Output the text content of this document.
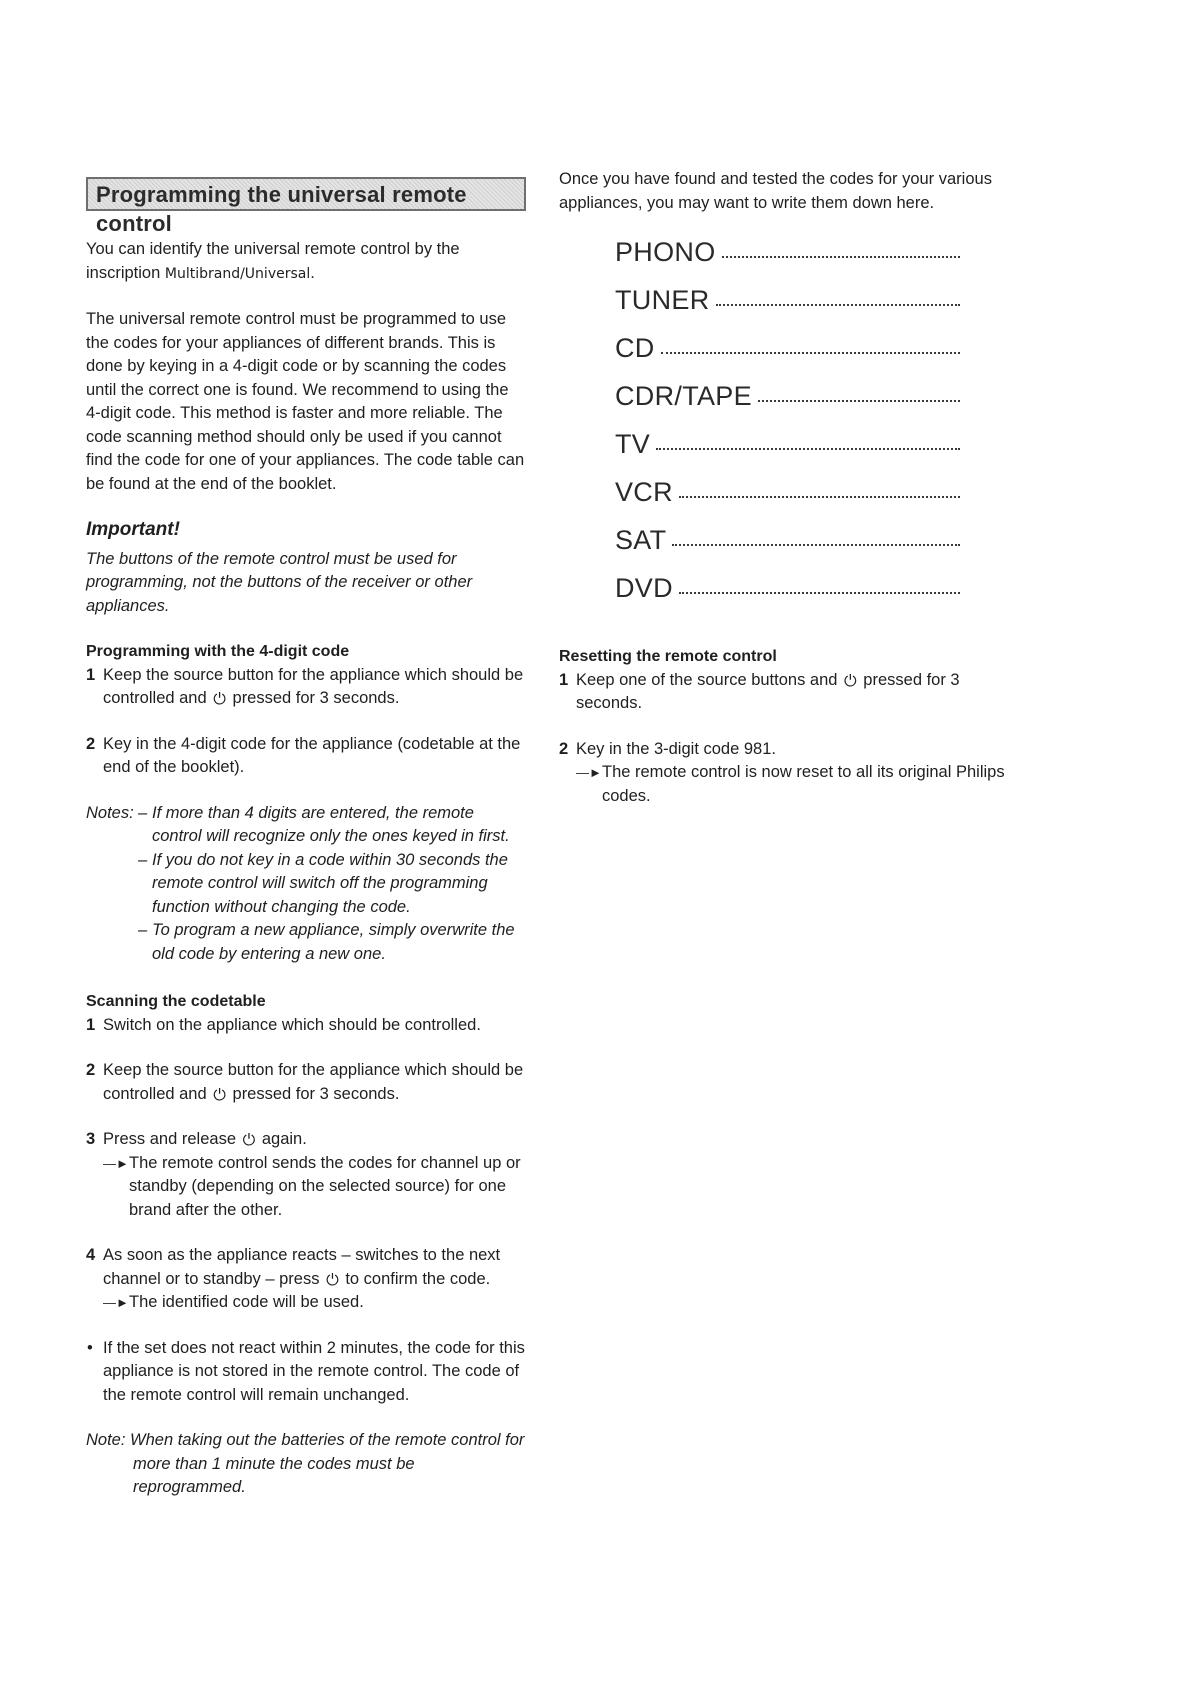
Programming the universal remote control

You can identify the universal remote control by the inscription Multibrand/Universal.

The universal remote control must be programmed to use the codes for your appliances of different brands. This is done by keying in a 4-digit code or by scanning the codes until the correct one is found. We recommend to using the 4-digit code. This method is faster and more reliable. The code scanning method should only be used if you cannot find the code for one of your appliances. The code table can be found at the end of the booklet.

Important!

The buttons of the remote control must be used for programming, not the buttons of the receiver or other appliances.

Programming with the 4-digit code

1 Keep the source button for the appliance which should be controlled and ⏻ pressed for 3 seconds.
2 Key in the 4-digit code for the appliance (codetable at the end of the booklet).
Notes: – If more than 4 digits are entered, the remote control will recognize only the ones keyed in first.
– If you do not key in a code within 30 seconds the remote control will switch off the programming function without changing the code.
– To program a new appliance, simply overwrite the old code by entering a new one.

Scanning the codetable

1 Switch on the appliance which should be controlled.
2 Keep the source button for the appliance which should be controlled and ⏻ pressed for 3 seconds.
3 Press and release ⏻ again.
—► The remote control sends the codes for channel up or standby (depending on the selected source) for one brand after the other.
4 As soon as the appliance reacts – switches to the next channel or to standby – press ⏻ to confirm the code.
—► The identified code will be used.
• If the set does not react within 2 minutes, the code for this appliance is not stored in the remote control. The code of the remote control will remain unchanged.
Note: When taking out the batteries of the remote control for
more than 1 minute the codes must be reprogrammed.

Once you have found and tested the codes for your various appliances, you may want to write them down here.

PHONO
TUNER
CD
CDR/TAPE
TV
VCR
SAT
DVD

Resetting the remote control

1 Keep one of the source buttons and ⏻ pressed for 3 seconds.
2 Key in the 3-digit code 981.
—► The remote control is now reset to all its original Philips codes.
